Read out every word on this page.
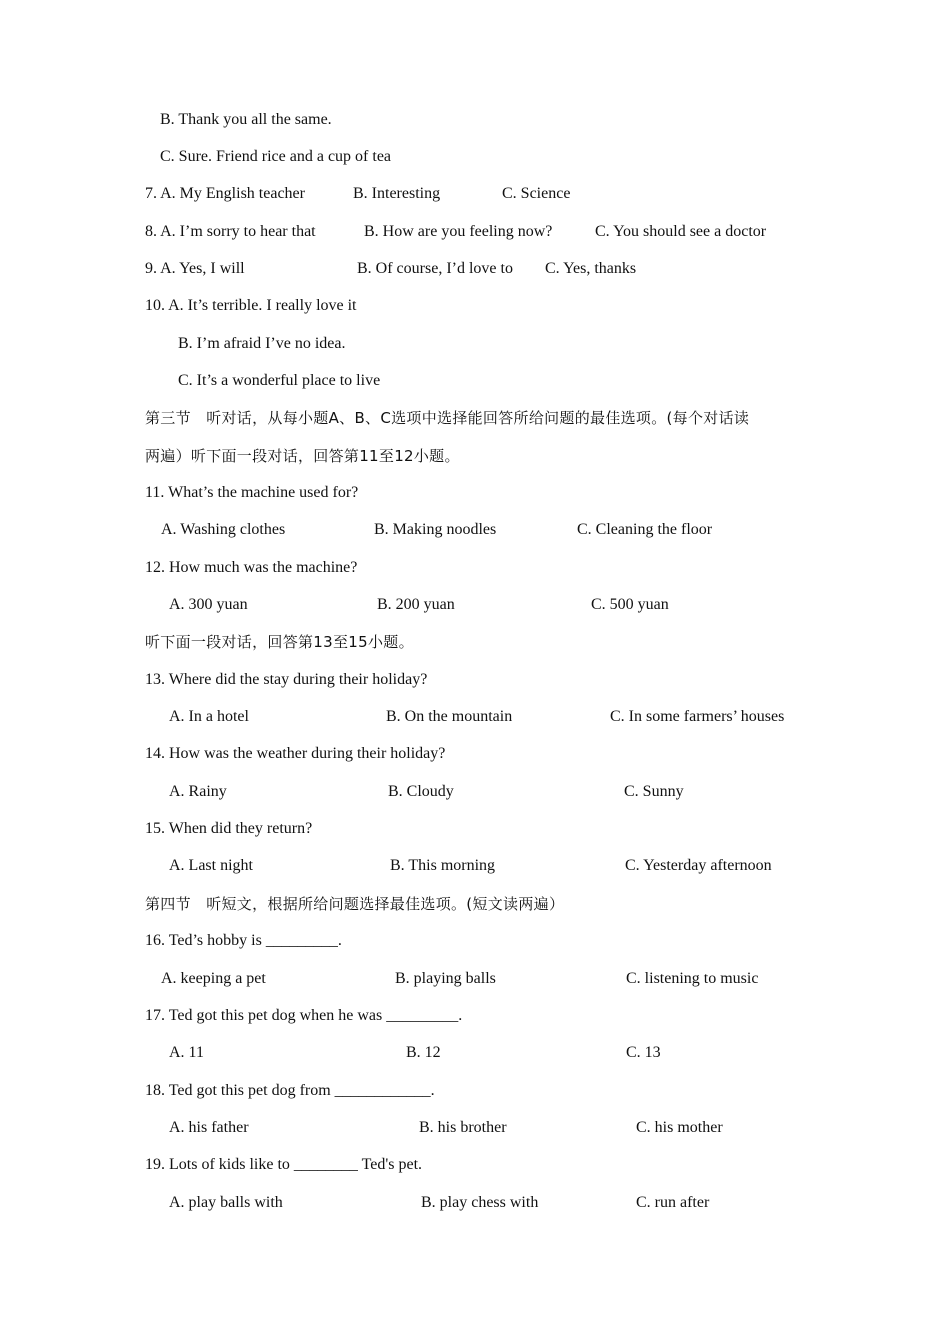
B. Thank you all the same.
C. Sure. Friend rice and a cup of tea
7. A. My English teacher	B. Interesting	C. Science
8. A. I’m sorry to hear that	B. How are you feeling now?	C. You should see a doctor
9. A. Yes, I will	B. Of course, I’d love to C. Yes, thanks
10. A. It’s terrible. I really love it
B. I’m afraid I’ve no idea.
C. It’s a wonderful place to live
第三节　听对话，从每小题A、B、C选项中选择能回答所给问题的最佳选项。(每个对话读
两遍）听下面一段对话，回答第11至12小题。
11. What’s the machine used for?
A. Washing clothes	B. Making noodles	C. Cleaning the floor
12. How much was the machine?
A. 300 yuan	B. 200 yuan	C. 500 yuan
听下面一段对话，回答第13至15小题。
13. Where did the stay during their holiday?
A. In a hotel	B. On the mountain	C. In some farmers’ houses
14. How was the weather during their holiday?
A. Rainy	B. Cloudy	C. Sunny
15. When did they return?
A. Last night	B. This morning	C. Yesterday afternoon
第四节　听短文，根据所给问题选择最佳选项。(短文读两遍）
16. Ted’s hobby is _________.
A. keeping a pet	B. playing balls	C. listening to music
17. Ted got this pet dog when he was _________.
A. 11	B. 12	C. 13
18. Ted got this pet dog from ____________.
A. his father	B. his brother	C. his mother
19. Lots of kids like to ________ Ted's pet.
A. play balls with	B. play chess with	C. run after
